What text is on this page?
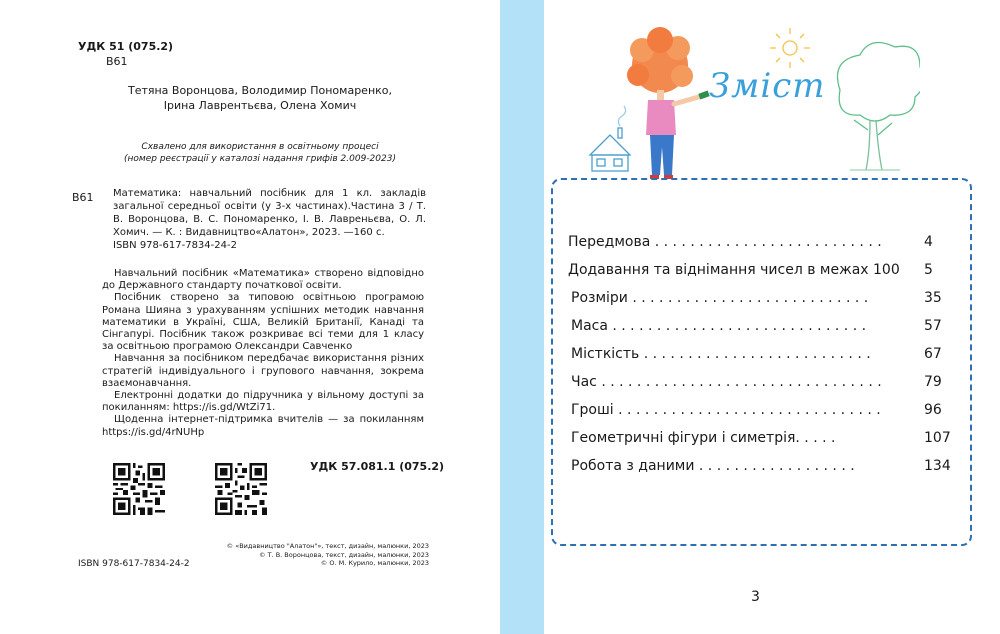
УДК 51 (075.2)
В61
Тетяна Воронцова, Володимир Пономаренко,
Ірина Лаврентьєва, Олена Хомич
Схвалено для використання в освітньому процесі
(номер реєстрації у каталозі надання грифів 2.009-2023)
В61 Математика: навчальний посібник для 1 кл. закладів загальної середньої освіти (у 3-х частинах).Частина 3 / Т. В. Воронцова, В. С. Пономаренко, І. В. Лавреньєва, О. Л. Хомич. — К. : Видавництво«Алатон», 2023. —160 с.
ISBN 978-617-7834-24-2

Навчальний посібник «Математика» створено відповідно до Державного стандарту початкової освіти.

Посібник створено за типовою освітньою програмою Романа Шияна з урахуванням успішних методик навчання математики в Україні, США, Великій Британії, Канаді та Сінгапурі. Посібник також розкриває всі теми для 1 класу за освітньою програмою Олександри Савченко

Навчання за посібником передбачає використання різних стратегій індивідуального і групового навчання, зокрема взаємонавчання.

Електронні додатки до підручника у вільному доступі за покиланням: https://is.gd/WtZi71.

Щоденна інтернет-підтримка вчителів — за покиланням https://is.gd/4rNUHp

УДК 57.081.1 (075.2)
© «Видавництво "Алатон"», текст, дизайн, малюнки, 2023
© Т. В. Воронцова, текст, дизайн, малюнки, 2023
© О. М. Курило, малюнки, 2023
ISBN 978-617-7834-24-2
Зміст
Передмова . . . . . . . . . . . . . . . . . . . . . . . . . .	4
Додавання та віднімання чисел в межах 100 5
Розміри . . . . . . . . . . . . . . . . . . . . . . . . . . .	35
Маса . . . . . . . . . . . . . . . . . . . . . . . . . . . . .	57
Місткість . . . . . . . . . . . . . . . . . . . . . . . . . .	67
Час . . . . . . . . . . . . . . . . . . . . . . . . . . . . . . . .	79
Гроші . . . . . . . . . . . . . . . . . . . . . . . . . . . . . .	96
Геометричні фігури і симетрія. . . . .	107
Робота з даними . . . . . . . . . . . . . . . . . .	134
3
